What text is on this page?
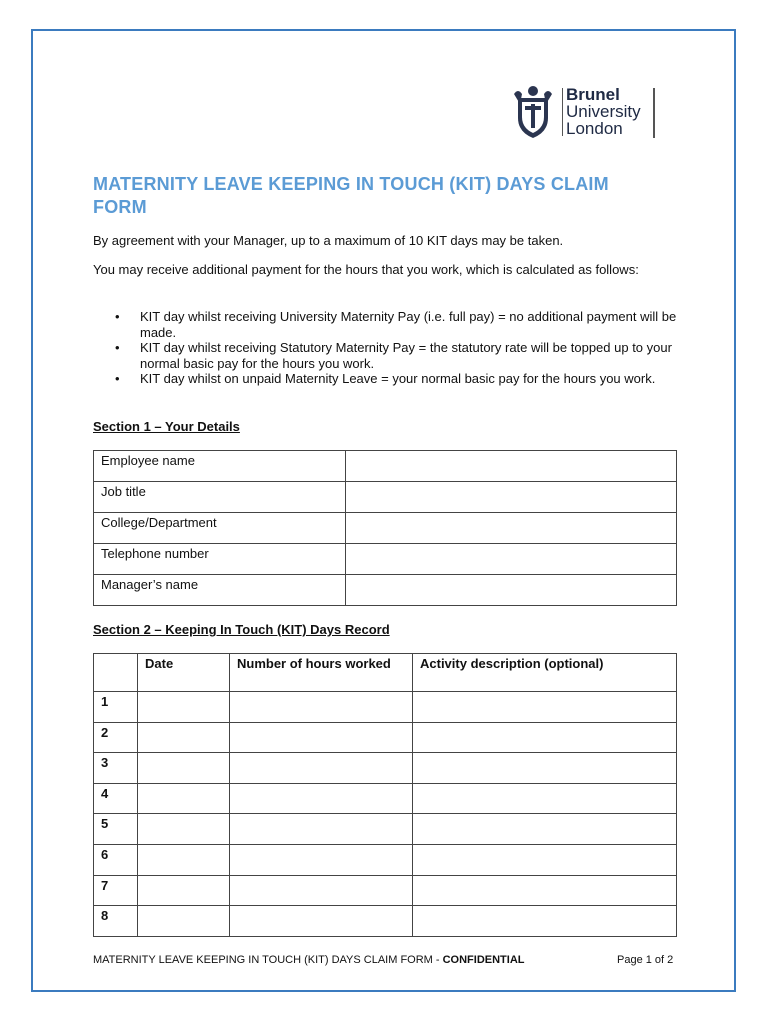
Brunel
University
London
MATERNITY LEAVE KEEPING IN TOUCH (KIT) DAYS CLAIM FORM

By agreement with your Manager, up to a maximum of 10 KIT days may be taken.

You may receive additional payment for the hours that you work, which is calculated as follows:

• KIT day whilst receiving University Maternity Pay (i.e. full pay) = no additional payment will be made.
• KIT day whilst receiving Statutory Maternity Pay = the statutory rate will be topped up to your normal basic pay for the hours you work.
• KIT day whilst on unpaid Maternity Leave = your normal basic pay for the hours you work.

Section 1 – Your Details

Employee name	
Job title	
College/Department	
Telephone number	
Manager’s name	

Section 2 – Keeping In Touch (KIT) Days Record

	Date	Number of hours worked	Activity description (optional)
1			
2			
3			
4			
5			
6			
7			
8			

MATERNITY LEAVE KEEPING IN TOUCH (KIT) DAYS CLAIM FORM - CONFIDENTIAL	Page 1 of 2
